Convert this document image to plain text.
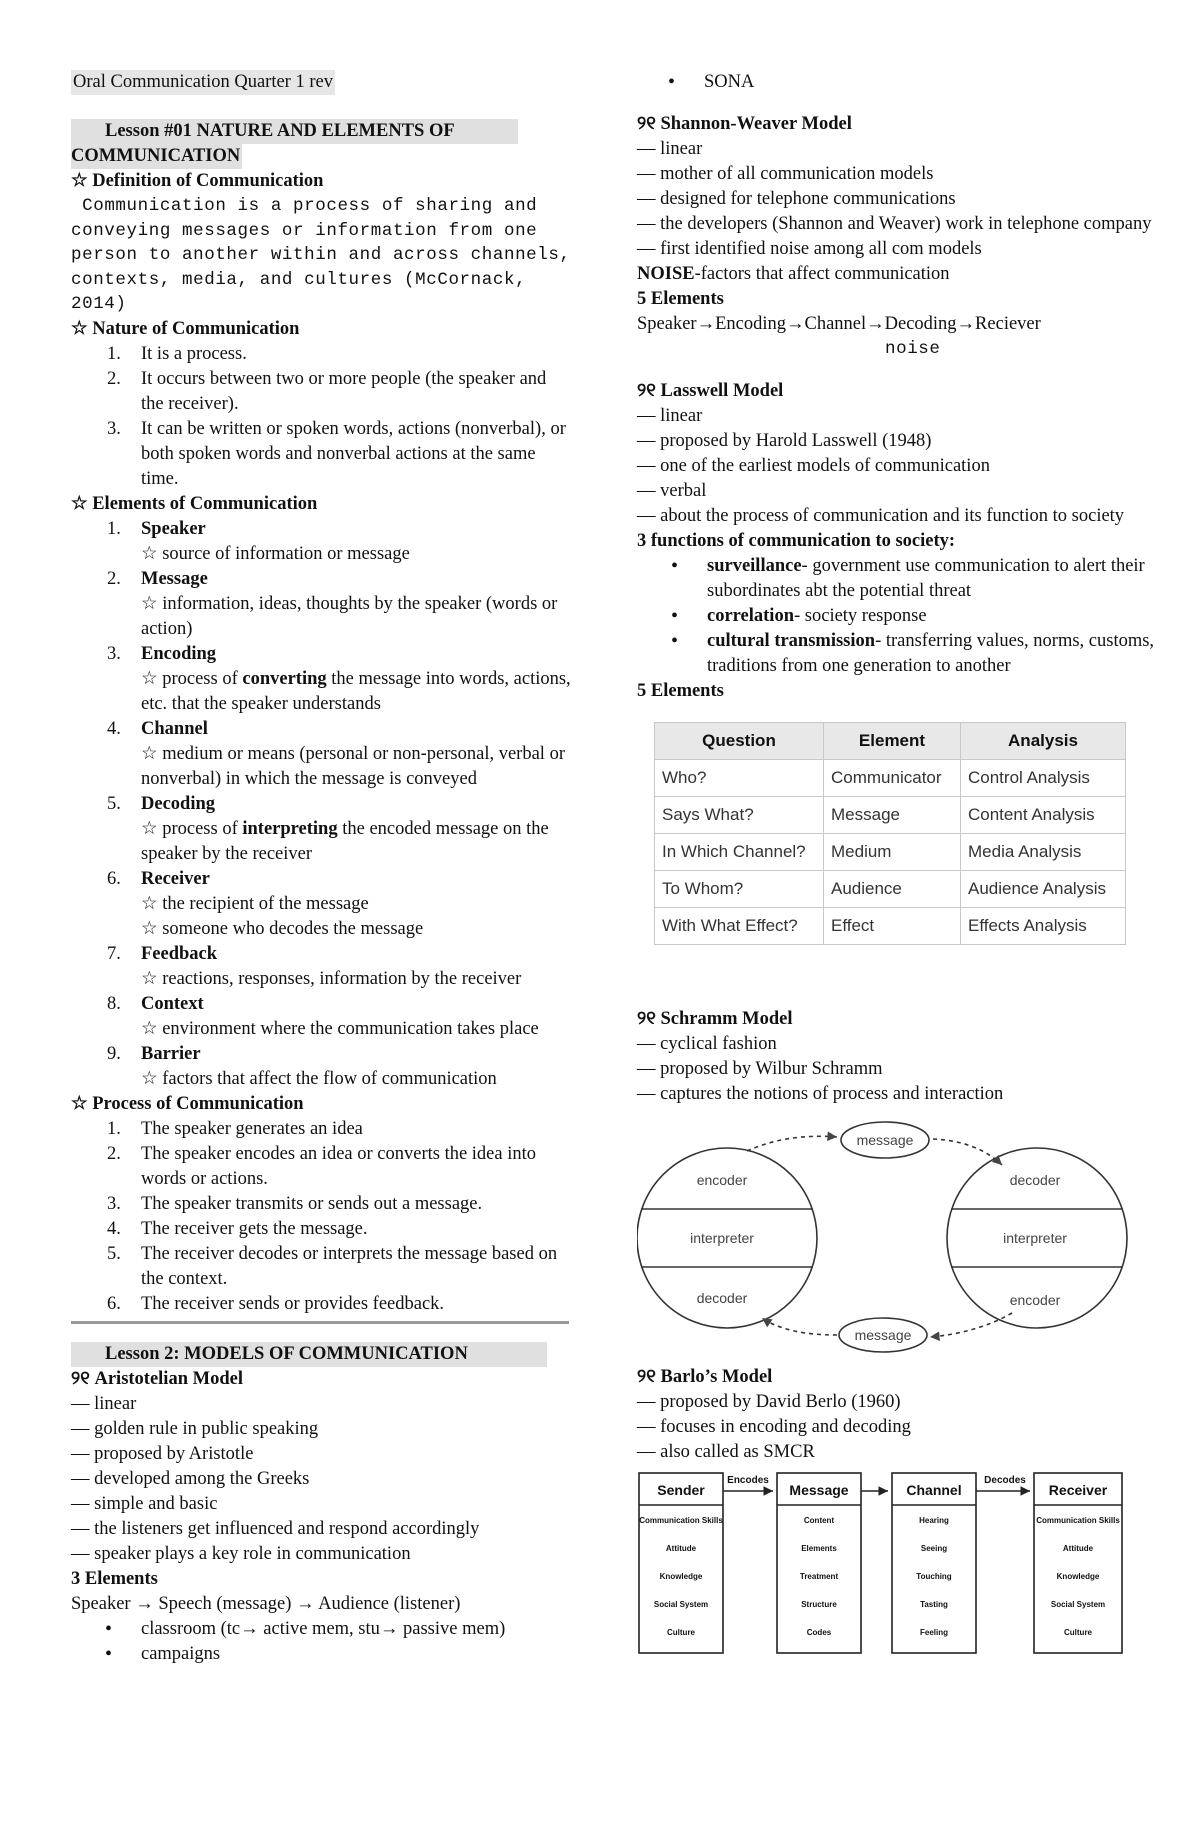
Oral Communication Quarter 1 rev
Lesson #01 NATURE AND ELEMENTS OF
COMMUNICATION
☆ Definition of Communication
Communication is a process of sharing and conveying messages or information from one person to another within and across channels, contexts, media, and cultures (McCornack, 2014)
☆ Nature of Communication
It is a process.
It occurs between two or more people (the speaker and the receiver).
It can be written or spoken words, actions (nonverbal), or both spoken words and nonverbal actions at the same time.
☆ Elements of Communication
Speaker
☆ source of information or message
Message
☆ information, ideas, thoughts by the speaker (words or action)
Encoding
☆ process of converting the message into words, actions, etc. that the speaker understands
Channel
☆ medium or means (personal or non-personal, verbal or nonverbal) in which the message is conveyed
Decoding
☆ process of interpreting the encoded message on the speaker by the receiver
Receiver
☆ the recipient of the message
☆ someone who decodes the message
Feedback
☆ reactions, responses, information by the receiver
Context
☆ environment where the communication takes place
Barrier
☆ factors that affect the flow of communication
☆ Process of Communication
The speaker generates an idea
The speaker encodes an idea or converts the idea into words or actions.
The speaker transmits or sends out a message.
The receiver gets the message.
The receiver decodes or interprets the message based on the context.
The receiver sends or provides feedback.
Lesson 2: MODELS OF COMMUNICATION
୨୧ Aristotelian Model
— linear
— golden rule in public speaking
— proposed by Aristotle
— developed among the Greeks
— simple and basic
— the listeners get influenced and respond accordingly
— speaker plays a key role in communication
3 Elements
Speaker → Speech (message) → Audience (listener)
• classroom (tc→ active mem, stu→ passive mem)
• campaigns
• SONA
୨୧ Shannon-Weaver Model
— linear
— mother of all communication models
— designed for telephone communications
— the developers (Shannon and Weaver) work in telephone company
— first identified noise among all com models
NOISE-factors that affect communication
5 Elements
Speaker→Encoding→Channel→Decoding→Reciever
noise
୨୧ Lasswell Model
— linear
— proposed by Harold Lasswell (1948)
— one of the earliest models of communication
— verbal
— about the process of communication and its function to society
3 functions of communication to society:
• surveillance- government use communication to alert their subordinates abt the potential threat
• correlation- society response
• cultural transmission- transferring values, norms, customs, traditions from one generation to another
5 Elements
Question	Element	Analysis
Who?	Communicator	Control Analysis
Says What?	Message	Content Analysis
In Which Channel?	Medium	Media Analysis
To Whom?	Audience	Audience Analysis
With What Effect?	Effect	Effects Analysis
୨୧ Schramm Model
— cyclical fashion
— proposed by Wilbur Schramm
— captures the notions of process and interaction
encoder
interpreter
decoder
decoder
interpreter
encoder
message
message
୨୧ Barlo’s Model
— proposed by David Berlo (1960)
— focuses in encoding and decoding
— also called as SMCR
Encodes	Decodes
Sender
Communication Skills
Attitude
Knowledge
Social System
Culture
Message
Content
Elements
Treatment
Structure
Codes
Channel
Hearing
Seeing
Touching
Tasting
Feeling
Receiver
Communication Skills
Attitude
Knowledge
Social System
Culture
